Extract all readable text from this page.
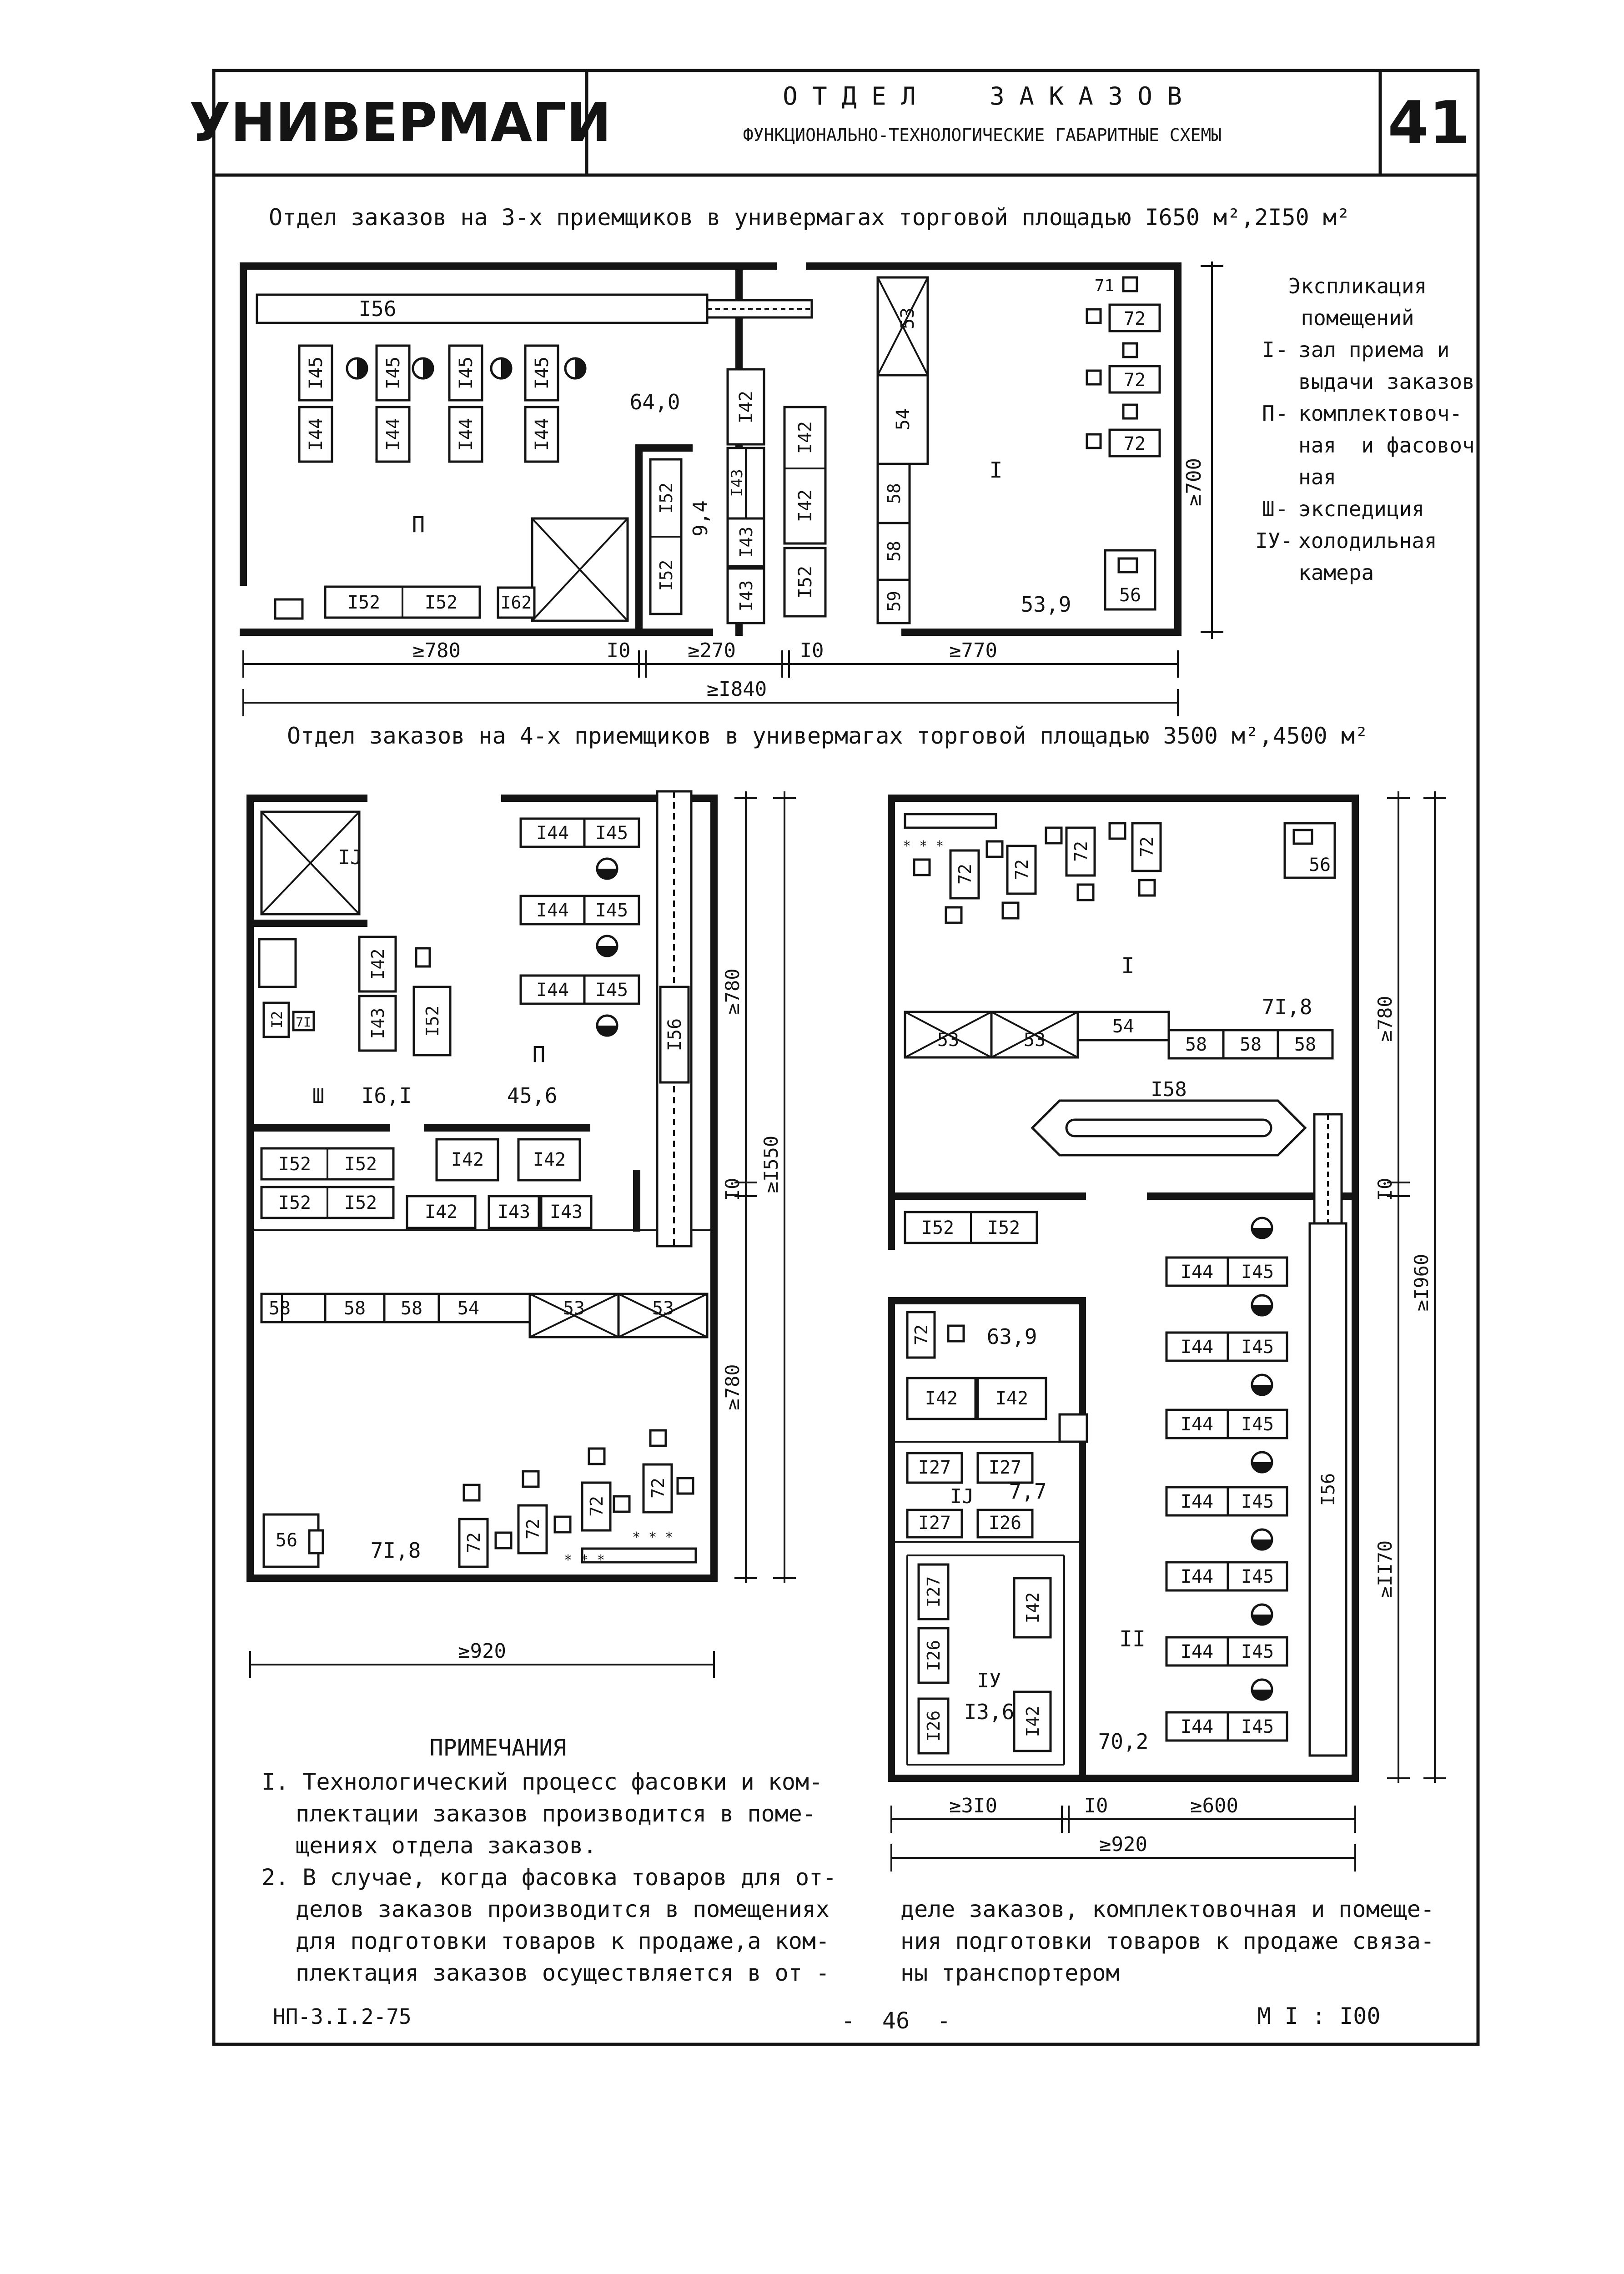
УНИВЕРМАГИ	О Т Д Е Л     З А К А З О В
ФУНКЦИОНАЛЬНО-ТЕХНОЛОГИЧЕСКИЕ ГАБАРИТНЫЕ СХЕМЫ	41
Отдел заказов на 3-х приемщиков в универмагах торговой площадью I650 м²,2I50 м²
I56
I45
I44
I45
I44
I45
I44
I45
I44
64,0
П
I52 I52 I62
I52
I52
9,4
I42
I43
I43
I43
I42
I42
I52
53
54
58
58
59
I
53,9
71
72
72
72
56
≥700
≥780	I0	≥270	I0	≥770
≥I840
Экспликация
помещений
I - зал приема и
выдачи заказов
П - комплектовоч-
ная  и фасовоч
ная
Ш - экспедиция
IУ- холодильная
камера
Отдел заказов на 4-х приемщиков в универмагах торговой площадью 3500 м²,4500 м²
IJ
I2 7I
I42
I43 I52
Ш I6,I	45,6
П
I44 I45
I44 I45
I44 I45
I56
I52 I52
I52 I52
I42	I42
I42 I43 I43
58	58 58 54	53	53
56	7I,8 72
72
72
72
* * *
* * *
≥780
I0
≥780
≥I550
≥920
* * *
72 72
72	72
56
I
7I,8
53	53
54
58 58 58
I58
I56
I52 I52
72	63,9
I42 I42
I27 I27
IJ 7,7
I27 I26
I27
I26
I26
I42
I42
IУ
I3,6
II
70,2
I44 I45
I44 I45
I44 I45
I44 I45
I44 I45
I44 I45
I44 I45
≥780
I0
≥II70
≥I960
≥3I0	I0	≥600
≥920
ПРИМЕЧАНИЯ
I. Технологический процесс фасовки и ком-
плектации заказов производится в поме-
щениях отдела заказов.
2. В случае, когда фасовка товаров для от-
делов заказов производится в помещениях
для подготовки товаров к продаже,а ком-
плектация заказов осуществляется в от -
деле заказов, комплектовочная и помеще-
ния подготовки товаров к продаже связа-
ны транспортером
НП-3.I.2-75	-  46  -	М I : I00
